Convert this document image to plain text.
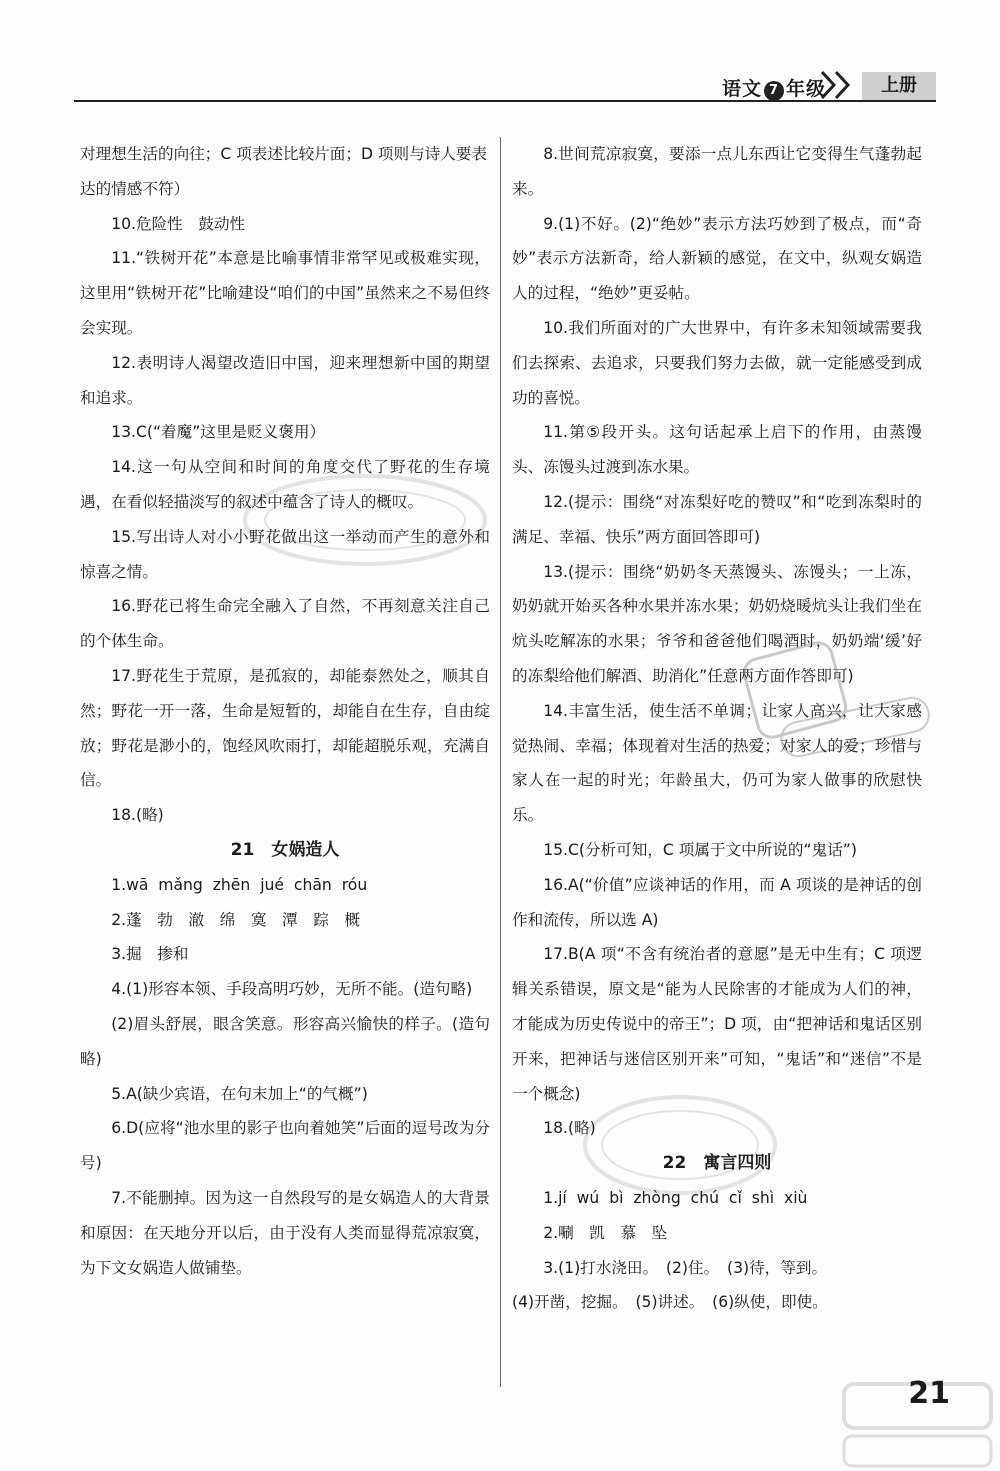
语文 7 年级	上册

对理想生活的向往；C 项表述比较片面；D 项则与诗人要表达的情感不符）

10.危险性　鼓动性

11.“铁树开花”本意是比喻事情非常罕见或极难实现，这里用“铁树开花”比喻建设“咱们的中国”虽然来之不易但终会实现。

12.表明诗人渴望改造旧中国，迎来理想新中国的期望和追求。

13.C(“着魔”这里是贬义褒用）

14.这一句从空间和时间的角度交代了野花的生存境遇，在看似轻描淡写的叙述中蕴含了诗人的概叹。

15.写出诗人对小小野花做出这一举动而产生的意外和惊喜之情。

16.野花已将生命完全融入了自然，不再刻意关注自己的个体生命。

17.野花生于荒原，是孤寂的，却能泰然处之，顺其自然；野花一开一落，生命是短暂的，却能自在生存，自由绽放；野花是渺小的，饱经风吹雨打，却能超脱乐观，充满自信。

18.(略)

21　女娲造人

1.wā  mǎng  zhēn  jué  chān  róu

2.蓬　勃　澈　绵　寞　潭　踪　概

3.掘　掺和

4.(1)形容本领、手段高明巧妙，无所不能。(造句略)

(2)眉头舒展，眼含笑意。形容高兴愉快的样子。(造句略)

5.A(缺少宾语，在句末加上“的气概”)

6.D(应将“池水里的影子也向着她笑”后面的逗号改为分号)

7.不能删掉。因为这一自然段写的是女娲造人的大背景和原因：在天地分开以后，由于没有人类而显得荒凉寂寞，为下文女娲造人做铺垫。

8.世间荒凉寂寞，要添一点儿东西让它变得生气蓬勃起来。

9.(1)不好。(2)“绝妙”表示方法巧妙到了极点，而“奇妙”表示方法新奇，给人新颖的感觉，在文中，纵观女娲造人的过程，“绝妙”更妥帖。

10.我们所面对的广大世界中，有许多未知领域需要我们去探索、去追求，只要我们努力去做，就一定能感受到成功的喜悦。

11.第⑤段开头。这句话起承上启下的作用，由蒸馒头、冻馒头过渡到冻水果。

12.(提示：围绕“对冻梨好吃的赞叹”和“吃到冻梨时的满足、幸福、快乐”两方面回答即可)

13.(提示：围绕“奶奶冬天蒸馒头、冻馒头；一上冻，奶奶就开始买各种水果并冻水果；奶奶烧暖炕头让我们坐在炕头吃解冻的水果；爷爷和爸爸他们喝酒时，奶奶端‘缓’好的冻梨给他们解酒、助消化”任意两方面作答即可)

14.丰富生活，使生活不单调；让家人高兴，让大家感觉热闹、幸福；体现着对生活的热爱；对家人的爱；珍惜与家人在一起的时光；年龄虽大，仍可为家人做事的欣慰快乐。

15.C(分析可知，C 项属于文中所说的“鬼话”)

16.A(“价值”应谈神话的作用，而 A 项谈的是神话的创作和流传，所以选 A)

17.B(A 项“不含有统治者的意愿”是无中生有；C 项逻辑关系错误，原文是“能为人民除害的才能成为人们的神，才能成为历史传说中的帝王”；D 项，由“把神话和鬼话区别开来，把神话与迷信区别开来”可知，“鬼话”和“迷信”不是一个概念)

18.(略)

22　寓言四则

1.jí  wú  bì  zhòng  chú  cǐ  shì  xiù

2.唰　凯　慕　坠

3.(1)打水浇田。　(2)住。　(3)待，等到。

(4)开凿，挖掘。　(5)讲述。　(6)纵使，即使。

21
